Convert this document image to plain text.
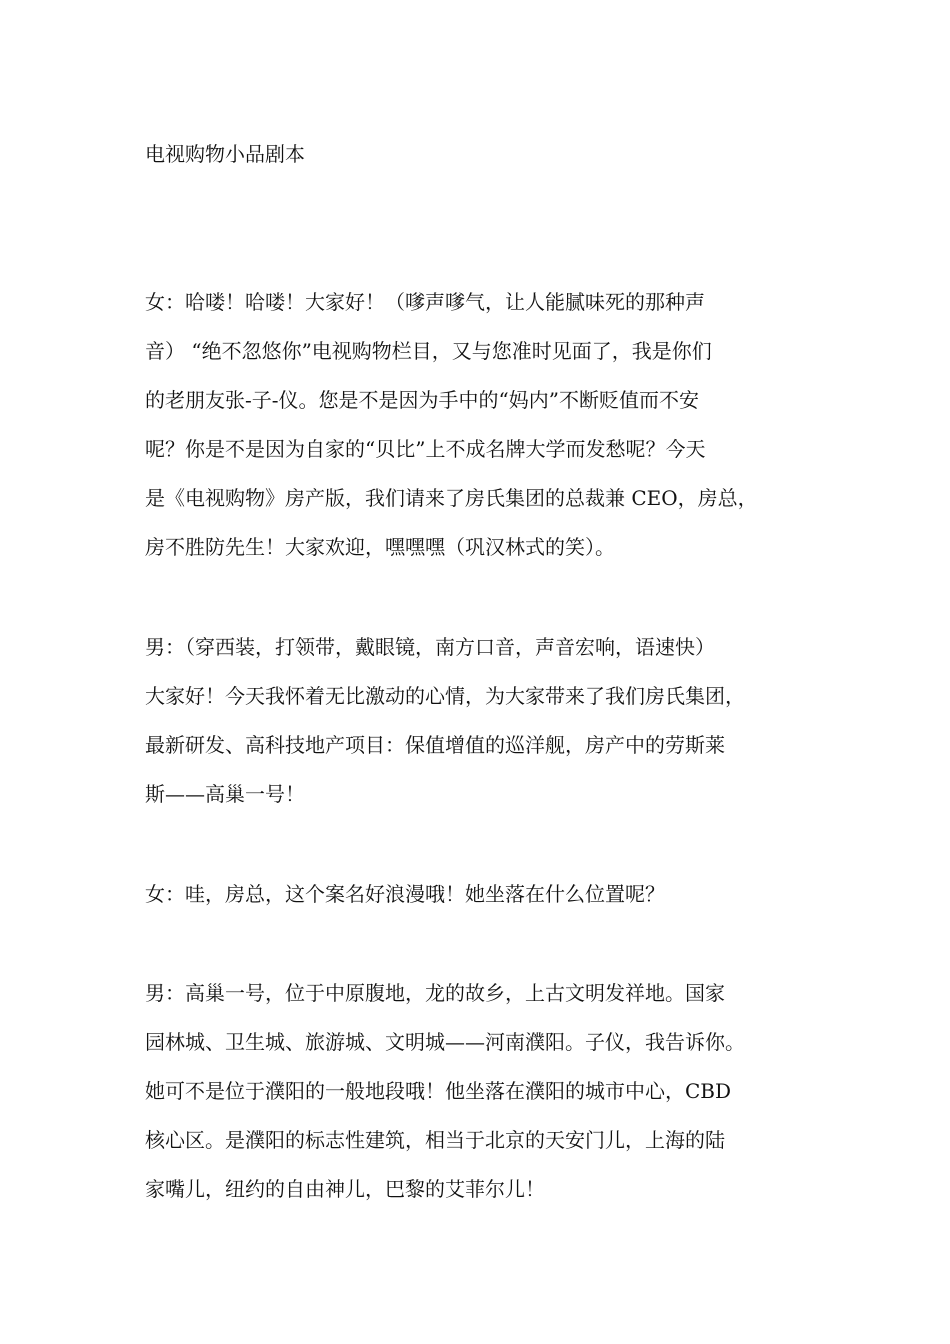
电视购物小品剧本
女：哈喽！哈喽！大家好！（嗲声嗲气，让人能腻味死的那种声
音） “绝不忽悠你”电视购物栏目，又与您准时见面了，我是你们
的老朋友张-子-仪。您是不是因为手中的“妈内”不断贬值而不安
呢？你是不是因为自家的“贝比”上不成名牌大学而发愁呢？今天
是《电视购物》房产版，我们请来了房氏集团的总裁兼 CEO，房总，
房不胜防先生！大家欢迎，嘿嘿嘿（巩汉林式的笑）。
男：（穿西装，打领带，戴眼镜，南方口音，声音宏响，语速快）
大家好！今天我怀着无比激动的心情，为大家带来了我们房氏集团，
最新研发、高科技地产项目：保值增值的巡洋舰，房产中的劳斯莱
斯——高巢一号！
女：哇，房总，这个案名好浪漫哦！她坐落在什么位置呢？
男：高巢一号，位于中原腹地，龙的故乡，上古文明发祥地。国家
园林城、卫生城、旅游城、文明城——河南濮阳。子仪，我告诉你。
她可不是位于濮阳的一般地段哦！他坐落在濮阳的城市中心，CBD
核心区。是濮阳的标志性建筑，相当于北京的天安门儿，上海的陆
家嘴儿，纽约的自由神儿，巴黎的艾菲尔儿！
